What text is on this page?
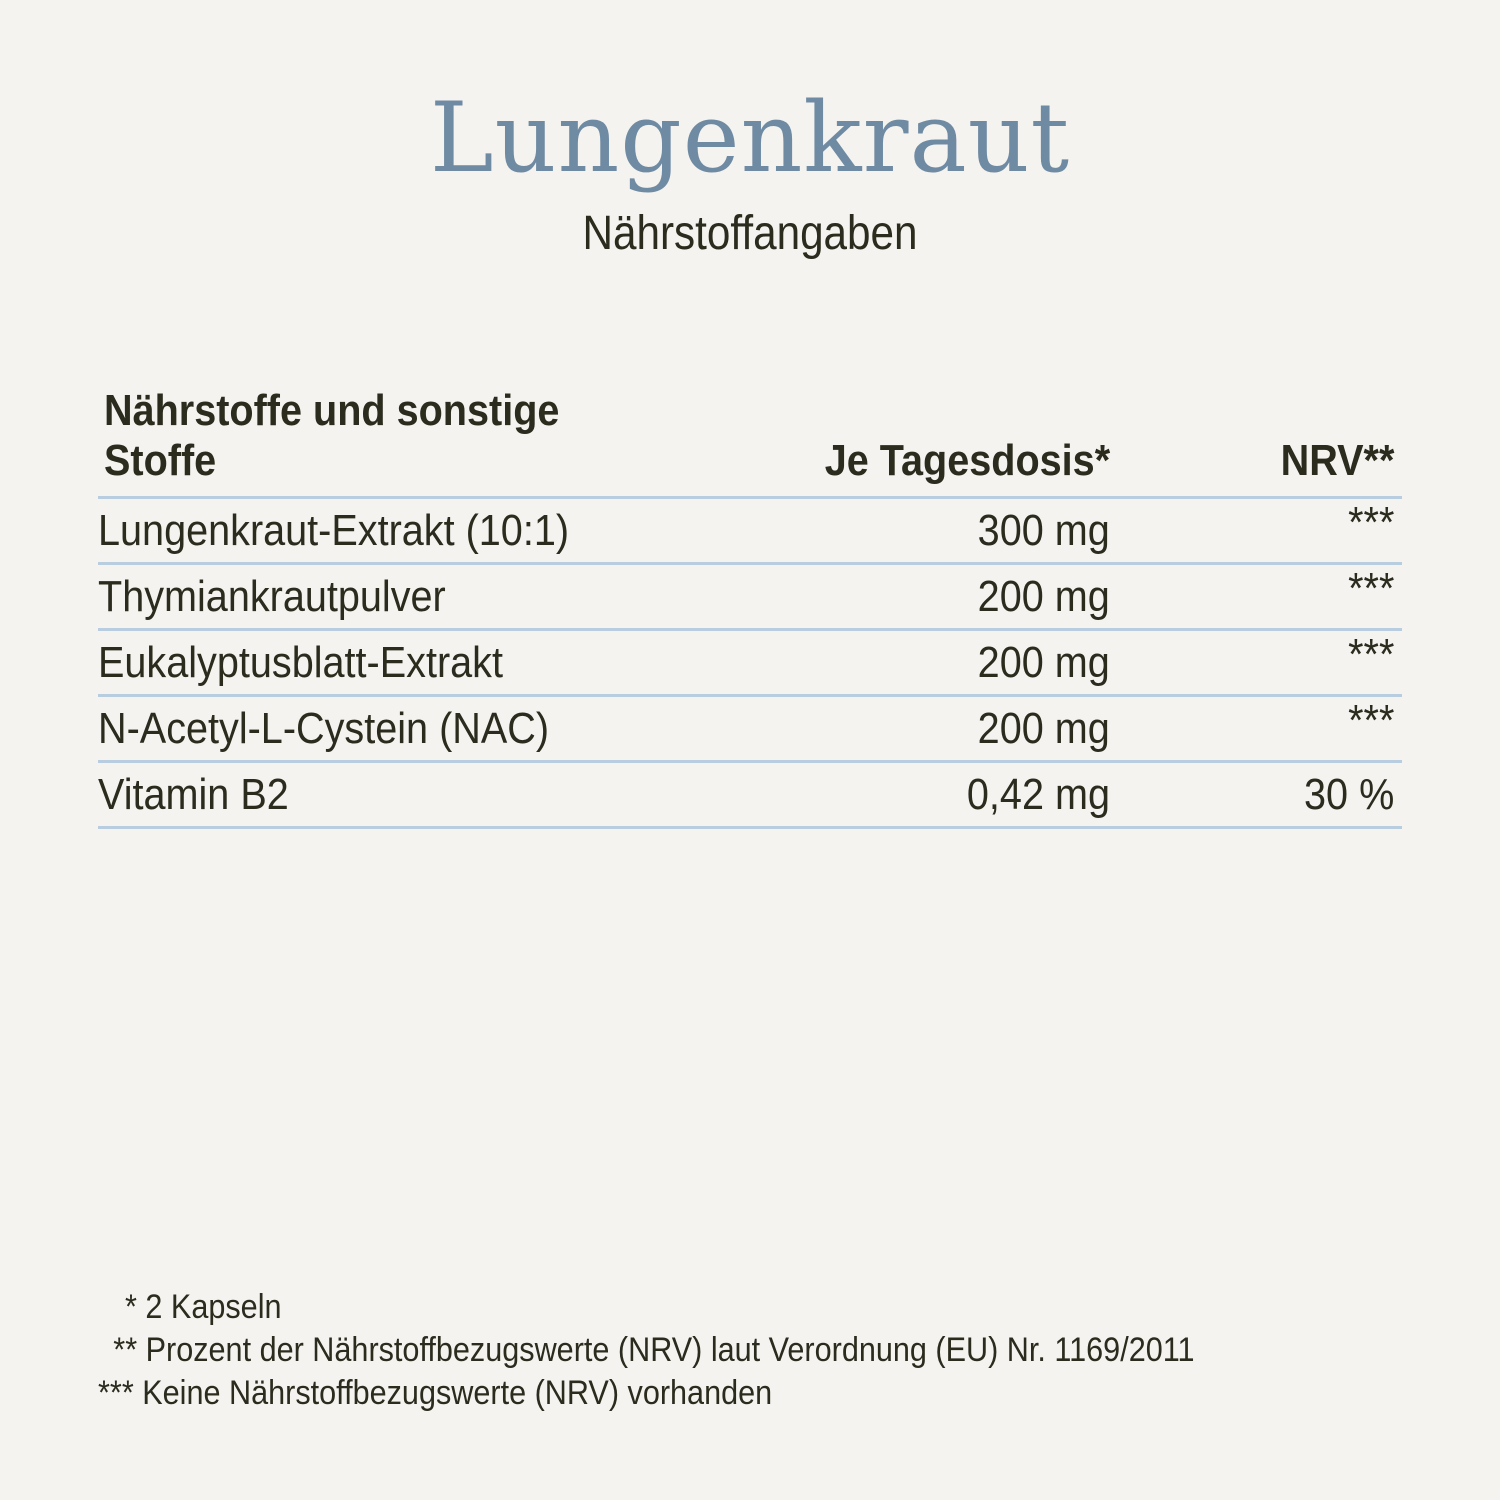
Lungenkraut
Nährstoffangaben
Nährstoffe und sonstige Stoffe	Je Tagesdosis*	NRV**
Lungenkraut-Extrakt (10:1)	300 mg	***
Thymiankrautpulver	200 mg	***
Eukalyptusblatt-Extrakt	200 mg	***
N-Acetyl-L-Cystein (NAC)	200 mg	***
Vitamin B2	0,42 mg	30 %
* 2 Kapseln
** Prozent der Nährstoffbezugswerte (NRV) laut Verordnung (EU) Nr. 1169/2011
*** Keine Nährstoffbezugswerte (NRV) vorhanden
